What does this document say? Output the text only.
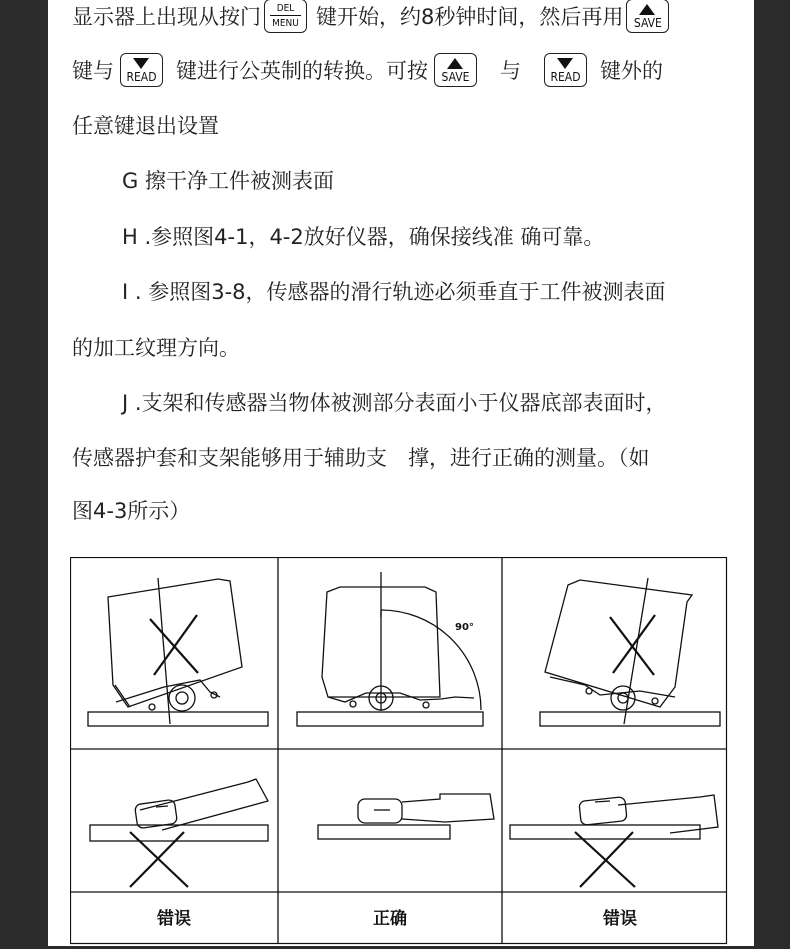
显示器上出现从按门	DEL
MENU 键开始，约8秒钟时间，然后再用 SAVE
键与	READ 键进行公英制的转换。可按	SAVE	与	READ 键外的
任意键退出设置
G 擦干净工件被测表面
H .参照图4-1，4-2放好仪器，确保接线准 确可靠。
I . 参照图3-8，传感器的滑行轨迹必须垂直于工件被测表面
的加工纹理方向。
J .支架和传感器当物体被测部分表面小于仪器底部表面时，
传感器护套和支架能够用于辅助支　撑，进行正确的测量。（如
图4-3所示）
90°
错误	正确	错误
